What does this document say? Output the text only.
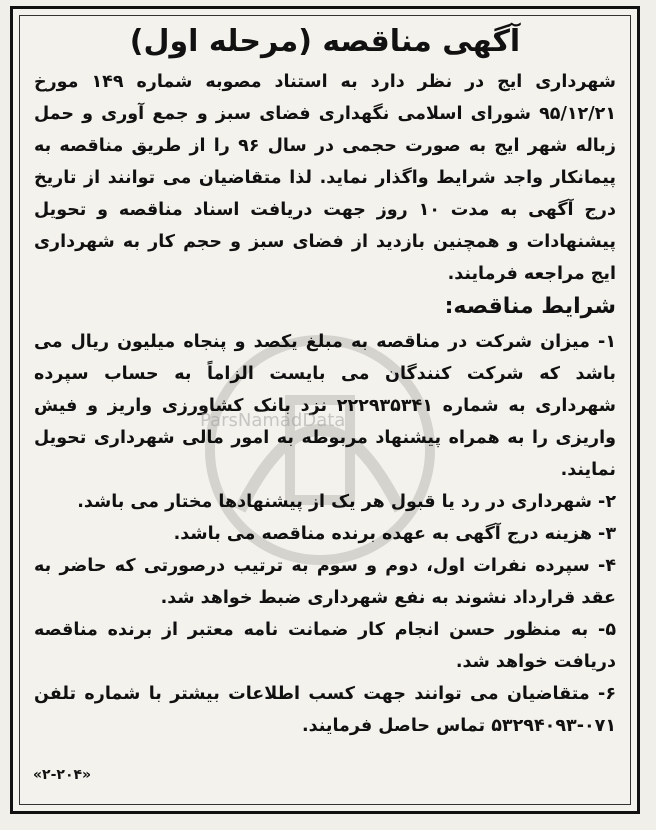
آگهی مناقصه (مرحله اول)

شهرداری ایج در نظر دارد به استناد مصوبه شماره ۱۴۹ مورخ ۹۵/۱۲/۲۱ شورای اسلامی نگهداری فضای سبز و جمع آوری و حمل زباله شهر ایج به صورت حجمی در سال ۹۶ را از طریق مناقصه به پیمانکار واجد شرایط واگذار نماید. لذا متقاضیان می توانند از تاریخ درج آگهی به مدت ۱۰ روز جهت دریافت اسناد مناقصه و تحویل پیشنهادات و همچنین بازدید از فضای سبز و حجم کار به شهرداری ایج مراجعه فرمایند.

شرایط مناقصه:

۱- میزان شرکت در مناقصه به مبلغ یکصد و پنجاه میلیون ریال می باشد که شرکت کنندگان می بایست الزاماً به حساب سپرده شهرداری به شماره ۲۲۲۹۳۵۳۴۱ نزد بانک کشاورزی واریز و فیش واریزی را به همراه پیشنهاد مربوطه به امور مالی شهرداری تحویل نمایند.

۲- شهرداری در رد یا قبول هر یک از پیشنهادها مختار می باشد.

۳- هزینه درج آگهی به عهده برنده مناقصه می باشد.

۴- سپرده نفرات اول، دوم و سوم به ترتیب درصورتی که حاضر به عقد قرارداد نشوند به نفع شهرداری ضبط خواهد شد.

۵- به منظور حسن انجام کار ضمانت نامه معتبر از برنده مناقصه دریافت خواهد شد.

۶- متقاضیان می توانند جهت کسب اطلاعات بیشتر با شماره تلفن ۰۷۱-۵۳۲۹۴۰۹۳ تماس حاصل فرمایند.

«۲-۲۰۴»
ParsNamadData
